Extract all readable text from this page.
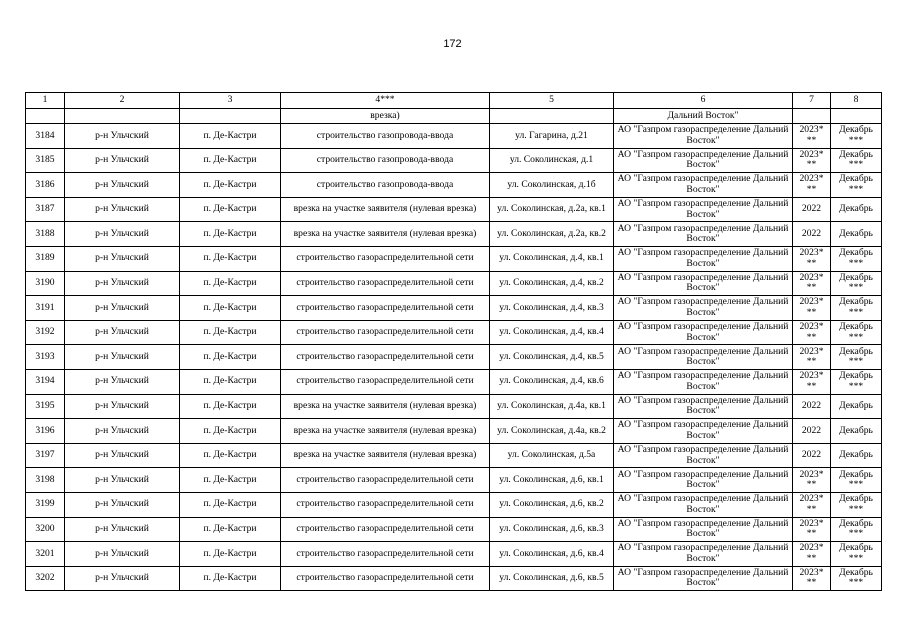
172
1	2	3	4***	5	6	7	8
			врезка)		Дальний Восток"		
3184	р-н Ульчский	п. Де-Кастри	строительство газопровода-ввода	ул. Гагарина, д.21	АО "Газпром газораспределение Дальний Восток"	2023* **	Декабрь ***
3185	р-н Ульчский	п. Де-Кастри	строительство газопровода-ввода	ул. Соколинская, д.1	АО "Газпром газораспределение Дальний Восток"	2023* **	Декабрь ***
3186	р-н Ульчский	п. Де-Кастри	строительство газопровода-ввода	ул. Соколинская, д.1б	АО "Газпром газораспределение Дальний Восток"	2023* **	Декабрь ***
3187	р-н Ульчский	п. Де-Кастри	врезка на участке заявителя (нулевая врезка)	ул. Соколинская, д.2а, кв.1	АО "Газпром газораспределение Дальний Восток"	2022	Декабрь
3188	р-н Ульчский	п. Де-Кастри	врезка на участке заявителя (нулевая врезка)	ул. Соколинская, д.2а, кв.2	АО "Газпром газораспределение Дальний Восток"	2022	Декабрь
3189	р-н Ульчский	п. Де-Кастри	строительство газораспределительной сети	ул. Соколинская, д.4, кв.1	АО "Газпром газораспределение Дальний Восток"	2023* **	Декабрь ***
3190	р-н Ульчский	п. Де-Кастри	строительство газораспределительной сети	ул. Соколинская, д.4, кв.2	АО "Газпром газораспределение Дальний Восток"	2023* **	Декабрь ***
3191	р-н Ульчский	п. Де-Кастри	строительство газораспределительной сети	ул. Соколинская, д.4, кв.3	АО "Газпром газораспределение Дальний Восток"	2023* **	Декабрь ***
3192	р-н Ульчский	п. Де-Кастри	строительство газораспределительной сети	ул. Соколинская, д.4, кв.4	АО "Газпром газораспределение Дальний Восток"	2023* **	Декабрь ***
3193	р-н Ульчский	п. Де-Кастри	строительство газораспределительной сети	ул. Соколинская, д.4, кв.5	АО "Газпром газораспределение Дальний Восток"	2023* **	Декабрь ***
3194	р-н Ульчский	п. Де-Кастри	строительство газораспределительной сети	ул. Соколинская, д.4, кв.6	АО "Газпром газораспределение Дальний Восток"	2023* **	Декабрь ***
3195	р-н Ульчский	п. Де-Кастри	врезка на участке заявителя (нулевая врезка)	ул. Соколинская, д.4а, кв.1	АО "Газпром газораспределение Дальний Восток"	2022	Декабрь
3196	р-н Ульчский	п. Де-Кастри	врезка на участке заявителя (нулевая врезка)	ул. Соколинская, д.4а, кв.2	АО "Газпром газораспределение Дальний Восток"	2022	Декабрь
3197	р-н Ульчский	п. Де-Кастри	врезка на участке заявителя (нулевая врезка)	ул. Соколинская, д.5а	АО "Газпром газораспределение Дальний Восток"	2022	Декабрь
3198	р-н Ульчский	п. Де-Кастри	строительство газораспределительной сети	ул. Соколинская, д.6, кв.1	АО "Газпром газораспределение Дальний Восток"	2023* **	Декабрь ***
3199	р-н Ульчский	п. Де-Кастри	строительство газораспределительной сети	ул. Соколинская, д.6, кв.2	АО "Газпром газораспределение Дальний Восток"	2023* **	Декабрь ***
3200	р-н Ульчский	п. Де-Кастри	строительство газораспределительной сети	ул. Соколинская, д.6, кв.3	АО "Газпром газораспределение Дальний Восток"	2023* **	Декабрь ***
3201	р-н Ульчский	п. Де-Кастри	строительство газораспределительной сети	ул. Соколинская, д.6, кв.4	АО "Газпром газораспределение Дальний Восток"	2023* **	Декабрь ***
3202	р-н Ульчский	п. Де-Кастри	строительство газораспределительной сети	ул. Соколинская, д.6, кв.5	АО "Газпром газораспределение Дальний Восток"	2023* **	Декабрь ***
